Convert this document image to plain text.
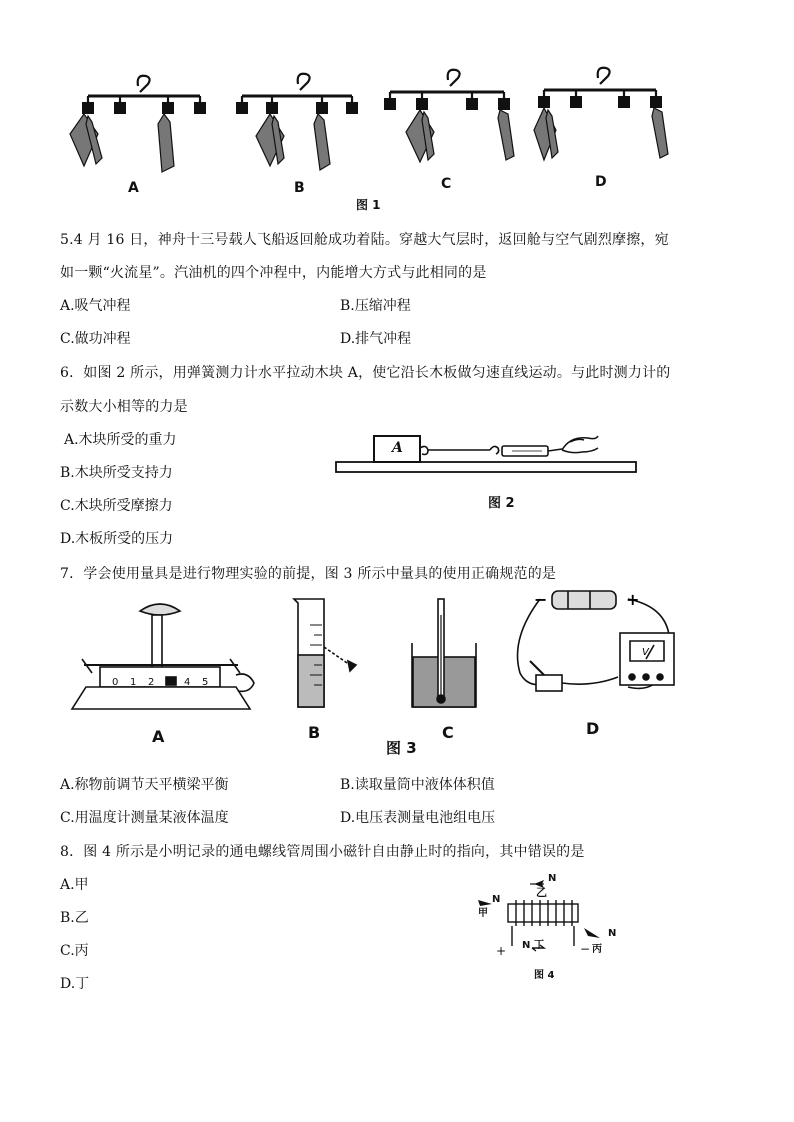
A	B	C	D
图 1
5.4 月 16 日，神舟十三号载人飞船返回舱成功着陆。穿越大气层时，返回舱与空气剧烈摩擦，宛
如一颗“火流星”。汽油机的四个冲程中，内能增大方式与此相同的是
A.吸气冲程	B.压缩冲程
C.做功冲程	D.排气冲程
6．如图 2 所示，用弹簧测力计水平拉动木块 A，使它沿长木板做匀速直线运动。与此时测力计的
示数大小相等的力是
A.木块所受的重力
B.木块所受支持力
C.木块所受摩擦力
D.木板所受的压力
A
图 2
7．学会使用量具是进行物理实验的前提，图 3 所示中量具的使用正确规范的是
0 1 2 3 4 5
−	+
V
A	B	C	D
图 3
A.称物前调节天平横梁平衡	B.读取量筒中液体体积值
C.用温度计测量某液体温度	D.电压表测量电池组电压
8．图 4 所示是小明记录的通电螺线管周围小磁针自由静止时的指向，其中错误的是
A.甲
B.乙
C.丙
D.丁
乙
N
甲
N
丙
N
N 丁
+	−
图 4
